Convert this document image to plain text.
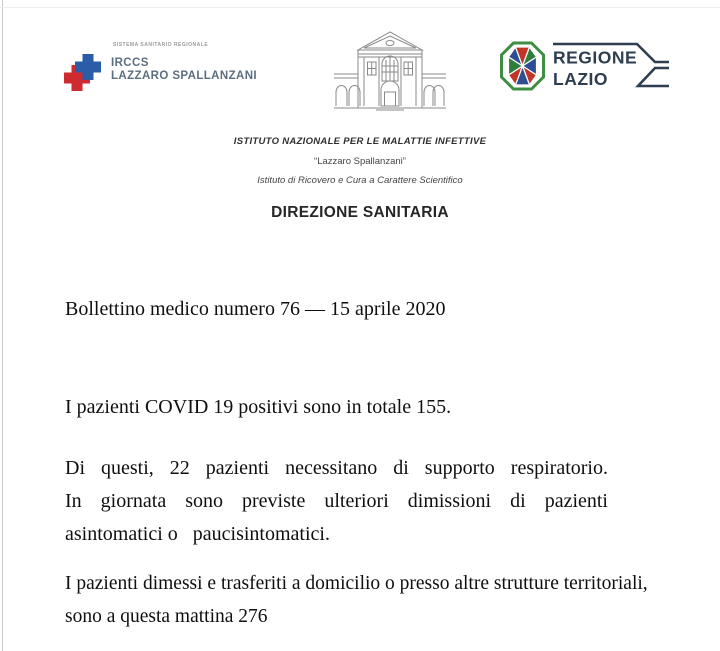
SISTEMA SANITARIO REGIONALE
IRCCS
LAZZARO SPALLANZANI
REGIONE
LAZIO
ISTITUTO NAZIONALE PER LE MALATTIE INFETTIVE
“Lazzaro Spallanzani”
Istituto di Ricovero e Cura a Carattere Scientifico
DIREZIONE SANITARIA
Bollettino medico numero 76 — 15 aprile 2020
I pazienti COVID 19 positivi sono in totale 155.
Di questi, 22 pazienti necessitano di supporto respiratorio.
In giornata sono previste ulteriori dimissioni di pazienti
asintomatici o   paucisintomatici.
I pazienti dimessi e trasferiti a domicilio o presso altre strutture territoriali,
sono a questa mattina 276
